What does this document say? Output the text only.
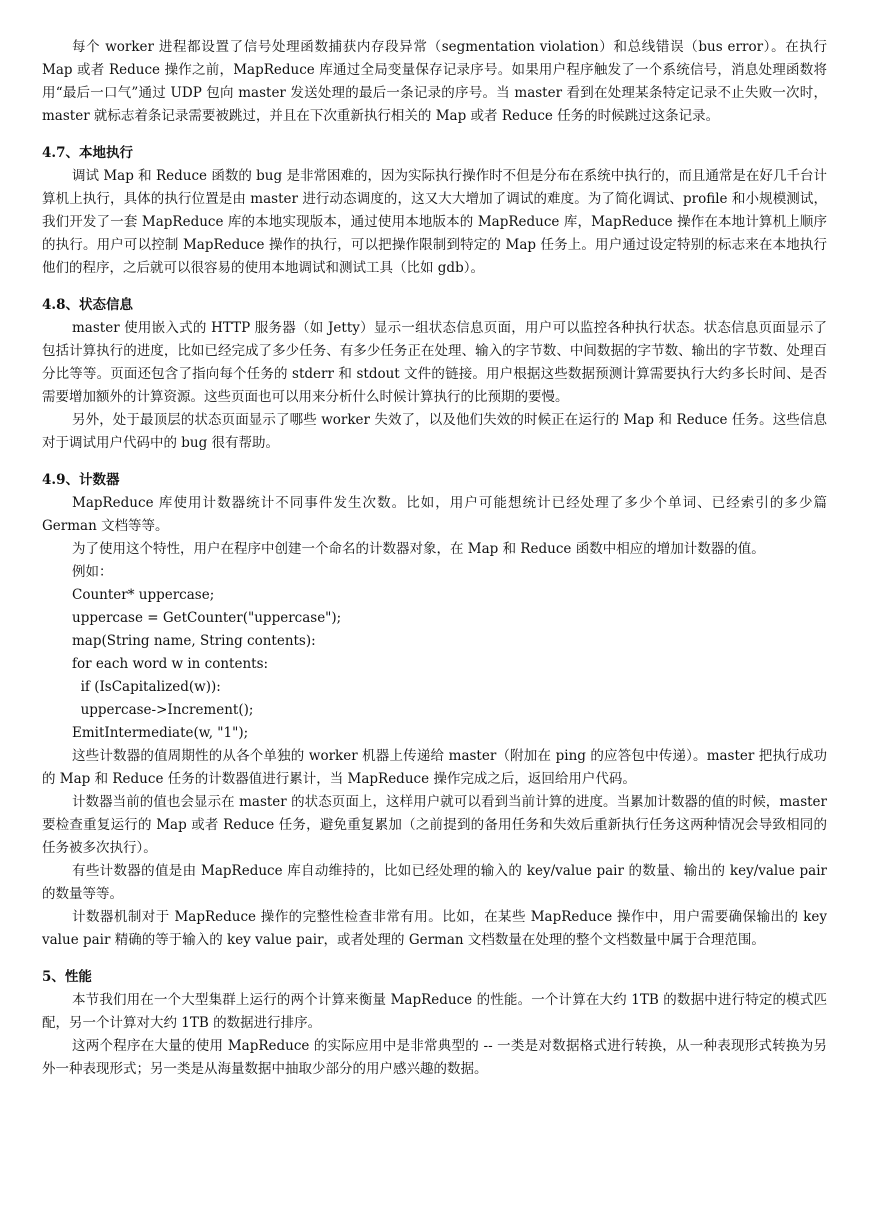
每个 worker 进程都设置了信号处理函数捕获内存段异常（segmentation violation）和总线错误（bus error）。在执行 Map 或者 Reduce 操作之前，MapReduce 库通过全局变量保存记录序号。如果用户程序触发了一个系统信号，消息处理函数将用“最后一口气”通过 UDP 包向 master 发送处理的最后一条记录的序号。当 master 看到在处理某条特定记录不止失败一次时，master 就标志着条记录需要被跳过，并且在下次重新执行相关的 Map 或者 Reduce 任务的时候跳过这条记录。

4.7、本地执行

调试 Map 和 Reduce 函数的 bug 是非常困难的，因为实际执行操作时不但是分布在系统中执行的，而且通常是在好几千台计算机上执行，具体的执行位置是由 master 进行动态调度的，这又大大增加了调试的难度。为了简化调试、profile 和小规模测试，我们开发了一套 MapReduce 库的本地实现版本，通过使用本地版本的 MapReduce 库，MapReduce 操作在本地计算机上顺序的执行。用户可以控制 MapReduce 操作的执行，可以把操作限制到特定的 Map 任务上。用户通过设定特别的标志来在本地执行他们的程序，之后就可以很容易的使用本地调试和测试工具（比如 gdb）。

4.8、状态信息

master 使用嵌入式的 HTTP 服务器（如 Jetty）显示一组状态信息页面，用户可以监控各种执行状态。状态信息页面显示了包括计算执行的进度，比如已经完成了多少任务、有多少任务正在处理、输入的字节数、中间数据的字节数、输出的字节数、处理百分比等等。页面还包含了指向每个任务的 stderr 和 stdout 文件的链接。用户根据这些数据预测计算需要执行大约多长时间、是否需要增加额外的计算资源。这些页面也可以用来分析什么时候计算执行的比预期的要慢。

另外，处于最顶层的状态页面显示了哪些 worker 失效了，以及他们失效的时候正在运行的 Map 和 Reduce 任务。这些信息对于调试用户代码中的 bug 很有帮助。

4.9、计数器

MapReduce 库使用计数器统计不同事件发生次数。比如，用户可能想统计已经处理了多少个单词、已经索引的多少篇 German 文档等等。

为了使用这个特性，用户在程序中创建一个命名的计数器对象，在 Map 和 Reduce 函数中相应的增加计数器的值。

例如：

Counter* uppercase;
uppercase = GetCounter("uppercase");
map(String name, String contents):
for each word w in contents:
if (IsCapitalized(w)):
uppercase->Increment();
EmitIntermediate(w, "1");

这些计数器的值周期性的从各个单独的 worker 机器上传递给 master（附加在 ping 的应答包中传递）。master 把执行成功的 Map 和 Reduce 任务的计数器值进行累计，当 MapReduce 操作完成之后，返回给用户代码。

计数器当前的值也会显示在 master 的状态页面上，这样用户就可以看到当前计算的进度。当累加计数器的值的时候，master 要检查重复运行的 Map 或者 Reduce 任务，避免重复累加（之前提到的备用任务和失效后重新执行任务这两种情况会导致相同的任务被多次执行）。

有些计数器的值是由 MapReduce 库自动维持的，比如已经处理的输入的 key/value pair 的数量、输出的 key/value pair 的数量等等。

计数器机制对于 MapReduce 操作的完整性检查非常有用。比如，在某些 MapReduce 操作中，用户需要确保输出的 key value pair 精确的等于输入的 key value pair，或者处理的 German 文档数量在处理的整个文档数量中属于合理范围。

5、性能

本节我们用在一个大型集群上运行的两个计算来衡量 MapReduce 的性能。一个计算在大约 1TB 的数据中进行特定的模式匹配，另一个计算对大约 1TB 的数据进行排序。

这两个程序在大量的使用 MapReduce 的实际应用中是非常典型的 -- 一类是对数据格式进行转换，从一种表现形式转换为另外一种表现形式；另一类是从海量数据中抽取少部分的用户感兴趣的数据。
